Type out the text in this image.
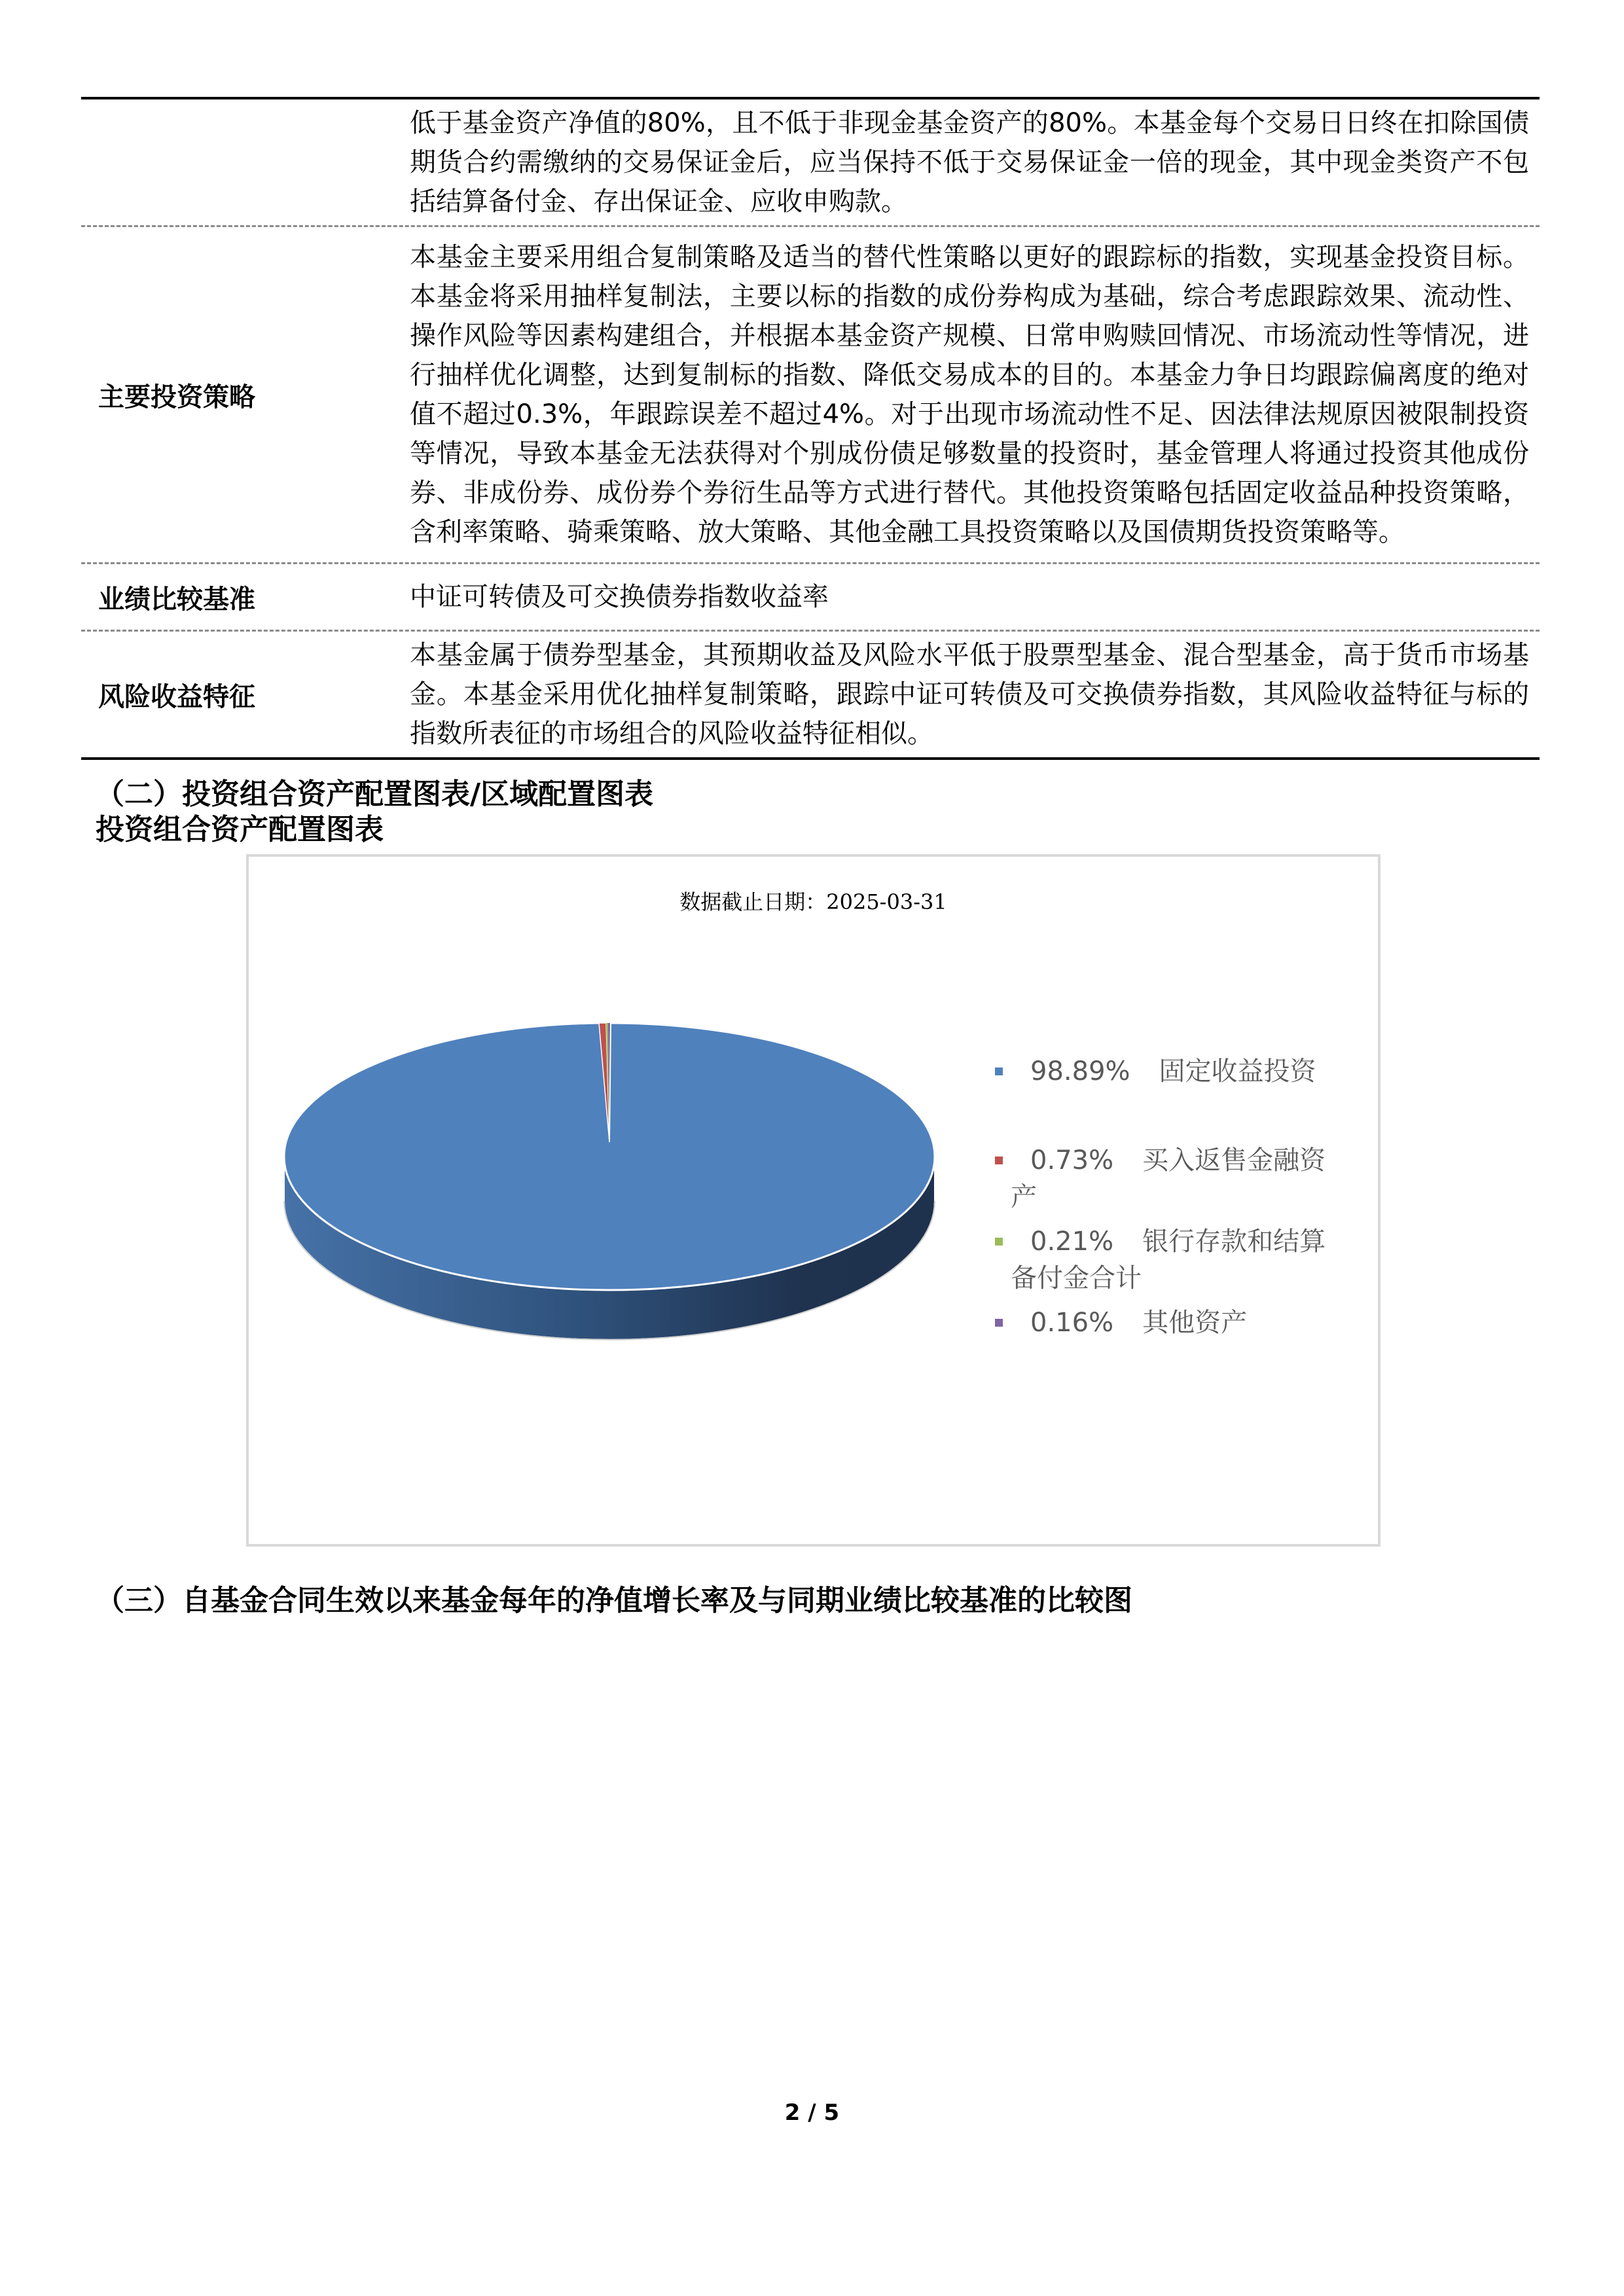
低于基金资产净值的80%，且不低于非现金基金资产的80%。本基金每个交易日日终在扣除国债期货合约需缴纳的交易保证金后，应当保持不低于交易保证金一倍的现金，其中现金类资产不包括结算备付金、存出保证金、应收申购款。
主要投资策略
本基金主要采用组合复制策略及适当的替代性策略以更好的跟踪标的指数，实现基金投资目标。本基金将采用抽样复制法，主要以标的指数的成份券构成为基础，综合考虑跟踪效果、流动性、操作风险等因素构建组合，并根据本基金资产规模、日常申购赎回情况、市场流动性等情况，进行抽样优化调整，达到复制标的指数、降低交易成本的目的。本基金力争日均跟踪偏离度的绝对值不超过0.3%，年跟踪误差不超过4%。对于出现市场流动性不足、因法律法规原因被限制投资等情况，导致本基金无法获得对个别成份债足够数量的投资时，基金管理人将通过投资其他成份券、非成份券、成份券个券衍生品等方式进行替代。其他投资策略包括固定收益品种投资策略，含利率策略、骑乘策略、放大策略、其他金融工具投资策略以及国债期货投资策略等。
业绩比较基准	中证可转债及可交换债券指数收益率
风险收益特征
本基金属于债券型基金，其预期收益及风险水平低于股票型基金、混合型基金，高于货币市场基金。本基金采用优化抽样复制策略，跟踪中证可转债及可交换债券指数，其风险收益特征与标的指数所表征的市场组合的风险收益特征相似。
（二）投资组合资产配置图表/区域配置图表
投资组合资产配置图表
数据截止日期：2025-03-31
98.89% 固定收益投资
0.73% 买入返售金融资
产
0.21% 银行存款和结算
备付金合计
0.16% 其他资产
（三）自基金合同生效以来基金每年的净值增长率及与同期业绩比较基准的比较图
2 / 5
